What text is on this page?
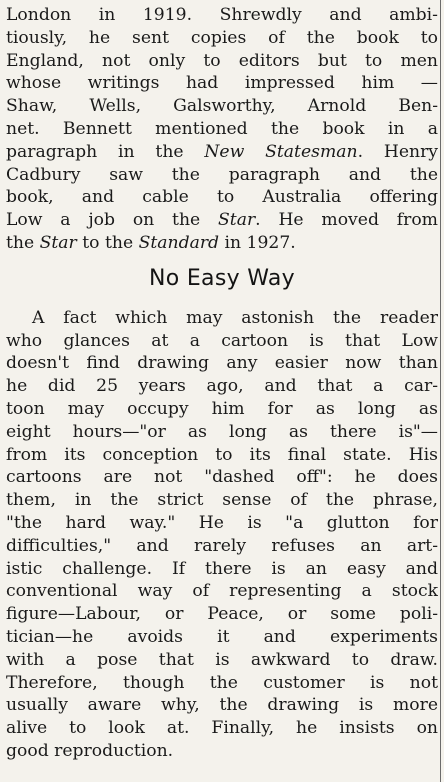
London in 1919. Shrewdly and ambi-
tiously, he sent copies of the book to
England, not only to editors but to men
whose writings had impressed him —
Shaw, Wells, Galsworthy, Arnold Ben-
net. Bennett mentioned the book in a
paragraph in the New Statesman. Henry
Cadbury saw the paragraph and the
book, and cable to Australia offering
Low a job on the Star. He moved from
the Star to the Standard in 1927.
No Easy Way
A fact which may astonish the reader
who glances at a cartoon is that Low
doesn't find drawing any easier now than
he did 25 years ago, and that a car-
toon may occupy him for as long as
eight hours—"or as long as there is"—
from its conception to its final state. His
cartoons are not "dashed off": he does
them, in the strict sense of the phrase,
"the hard way." He is "a glutton for
difficulties," and rarely refuses an art-
istic challenge. If there is an easy and
conventional way of representing a stock
figure—Labour, or Peace, or some poli-
tician—he avoids it and experiments
with a pose that is awkward to draw.
Therefore, though the customer is not
usually aware why, the drawing is more
alive to look at. Finally, he insists on
good reproduction.
